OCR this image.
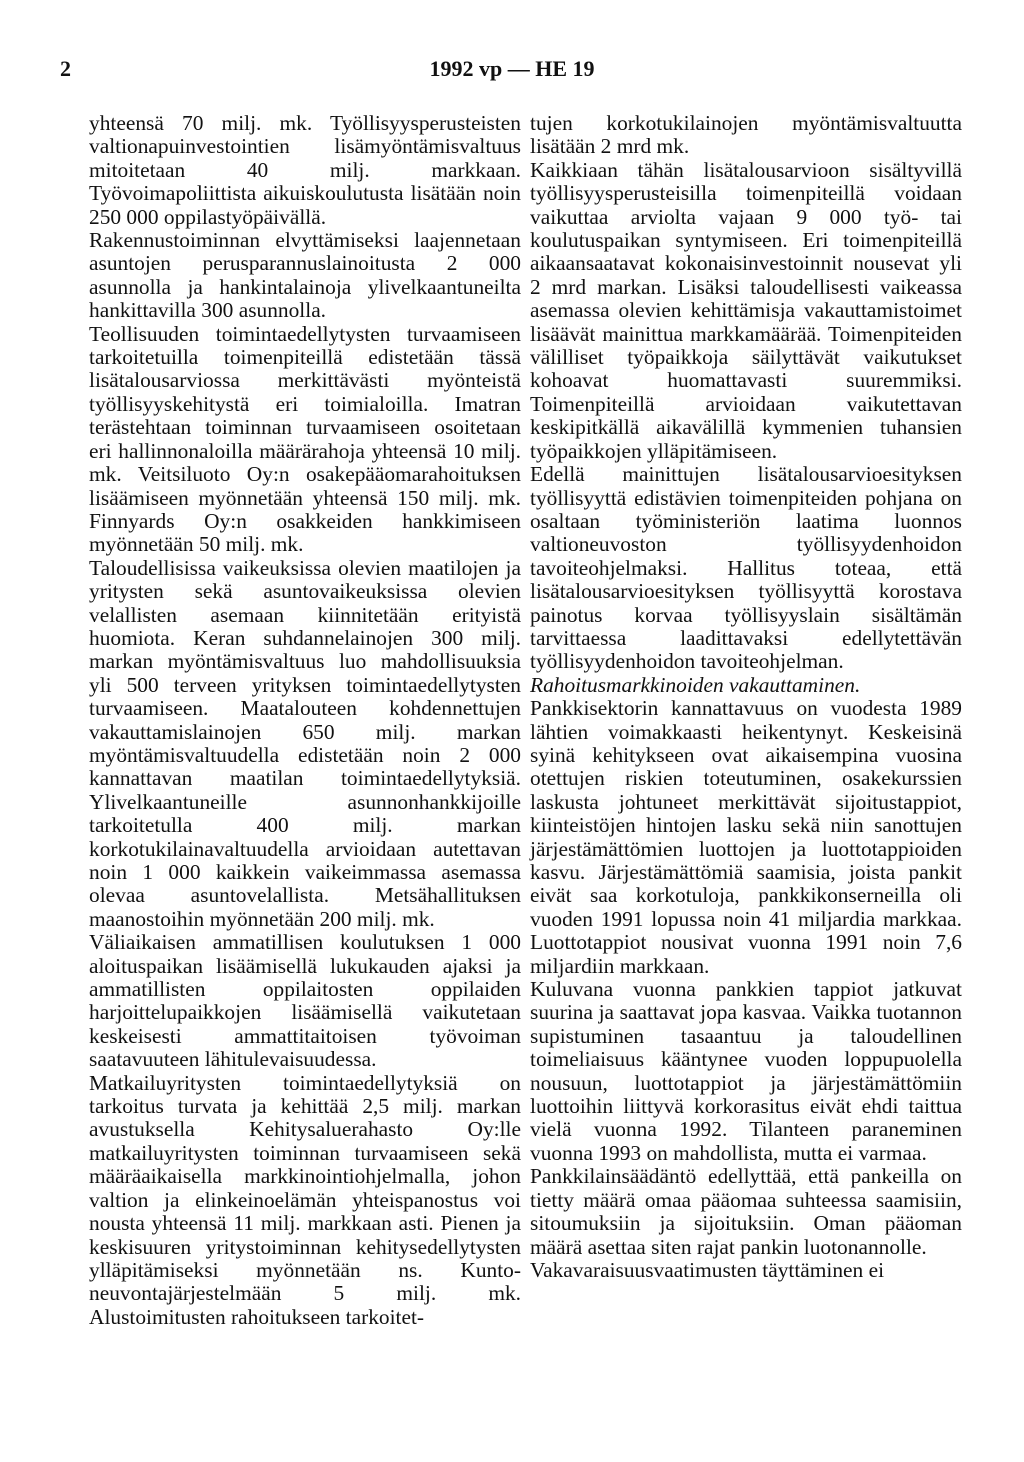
2	1992 vp — HE 19

yhteensä 70 milj. mk. Työllisyysperusteisten valtionapuinvestointien lisämyöntämisvaltuus mitoitetaan 40 milj. markkaan. Työvoimapoliittista aikuiskoulutusta lisätään noin 250 000 oppilastyöpäivällä.

Rakennustoiminnan elvyttämiseksi laajennetaan asuntojen perusparannuslainoitusta 2 000 asunnolla ja hankintalainoja ylivelkaantuneilta hankittavilla 300 asunnolla.

Teollisuuden toimintaedellytysten turvaamiseen tarkoitetuilla toimenpiteillä edistetään tässä lisätalousarviossa merkittävästi myönteistä työllisyyskehitystä eri toimialoilla. Imatran terästehtaan toiminnan turvaamiseen osoitetaan eri hallinnonaloilla määrärahoja yhteensä 10 milj. mk. Veitsiluoto Oy:n osakepääomarahoituksen lisäämiseen myönnetään yhteensä 150 milj. mk. Finnyards Oy:n osakkeiden hankkimiseen myönnetään 50 milj. mk.

Taloudellisissa vaikeuksissa olevien maatilojen ja yritysten sekä asuntovaikeuksissa olevien velallisten asemaan kiinnitetään erityistä huomiota. Keran suhdannelainojen 300 milj. markan myöntämisvaltuus luo mahdollisuuksia yli 500 terveen yrityksen toimintaedellytysten turvaamiseen. Maatalouteen kohdennettujen vakauttamislainojen 650 milj. markan myöntämisvaltuudella edistetään noin 2 000 kannattavan maatilan toimintaedellytyksiä. Ylivelkaantuneille asunnonhankkijoille tarkoitetulla 400 milj. markan korkotukilainavaltuudella arvioidaan autettavan noin 1 000 kaikkein vaikeimmassa asemassa olevaa asuntovelallista. Metsähallituksen maanostoihin myönnetään 200 milj. mk.

Väliaikaisen ammatillisen koulutuksen 1 000 aloituspaikan lisäämisellä lukukauden ajaksi ja ammatillisten oppilaitosten oppilaiden harjoittelupaikkojen lisäämisellä vaikutetaan keskeisesti ammattitaitoisen työvoiman saatavuuteen lähitulevaisuudessa.

Matkailuyritysten toimintaedellytyksiä on tarkoitus turvata ja kehittää 2,5 milj. markan avustuksella Kehitysaluerahasto Oy:lle matkailuyritysten toiminnan turvaamiseen sekä määräaikaisella markkinointiohjelmalla, johon valtion ja elinkeinoelämän yhteispanostus voi nousta yhteensä 11 milj. markkaan asti. Pienen ja keskisuuren yritystoiminnan kehitysedellytysten ylläpitämiseksi myönnetään ns. Kunto-neuvontajärjestelmään 5 milj. mk. Alustoimitusten rahoitukseen tarkoitet-

tujen korkotukilainojen myöntämisvaltuutta lisätään 2 mrd mk.

Kaikkiaan tähän lisätalousarvioon sisältyvillä työllisyysperusteisilla toimenpiteillä voidaan vaikuttaa arviolta vajaan 9 000 työ- tai koulutuspaikan syntymiseen. Eri toimenpiteillä aikaansaatavat kokonaisinvestoinnit nousevat yli 2 mrd markan. Lisäksi taloudellisesti vaikeassa asemassa olevien kehittämisja vakauttamistoimet lisäävät mainittua markkamäärää. Toimenpiteiden välilliset työpaikkoja säilyttävät vaikutukset kohoavat huomattavasti suuremmiksi. Toimenpiteillä arvioidaan vaikutettavan keskipitkällä aikavälillä kymmenien tuhansien työpaikkojen ylläpitämiseen.

Edellä mainittujen lisätalousarvioesityksen työllisyyttä edistävien toimenpiteiden pohjana on osaltaan työministeriön laatima luonnos valtioneuvoston työllisyydenhoidon tavoiteohjelmaksi. Hallitus toteaa, että lisätalousarvioesityksen työllisyyttä korostava painotus korvaa työllisyyslain sisältämän tarvittaessa laadittavaksi edellytettävän työllisyydenhoidon tavoiteohjelman.

Rahoitusmarkkinoiden vakauttaminen.

Pankkisektorin kannattavuus on vuodesta 1989 lähtien voimakkaasti heikentynyt. Keskeisinä syinä kehitykseen ovat aikaisempina vuosina otettujen riskien toteutuminen, osakekurssien laskusta johtuneet merkittävät sijoitustappiot, kiinteistöjen hintojen lasku sekä niin sanottujen järjestämättömien luottojen ja luottotappioiden kasvu. Järjestämättömiä saamisia, joista pankit eivät saa korkotuloja, pankkikonserneilla oli vuoden 1991 lopussa noin 41 miljardia markkaa. Luottotappiot nousivat vuonna 1991 noin 7,6 miljardiin markkaan.

Kuluvana vuonna pankkien tappiot jatkuvat suurina ja saattavat jopa kasvaa. Vaikka tuotannon supistuminen tasaantuu ja taloudellinen toimeliaisuus kääntynee vuoden loppupuolella nousuun, luottotappiot ja järjestämättömiin luottoihin liittyvä korkorasitus eivät ehdi taittua vielä vuonna 1992. Tilanteen paraneminen vuonna 1993 on mahdollista, mutta ei varmaa.

Pankkilainsäädäntö edellyttää, että pankeilla on tietty määrä omaa pääomaa suhteessa saamisiin, sitoumuksiin ja sijoituksiin. Oman pääoman määrä asettaa siten rajat pankin luotonannolle.

Vakavaraisuusvaatimusten täyttäminen ei
